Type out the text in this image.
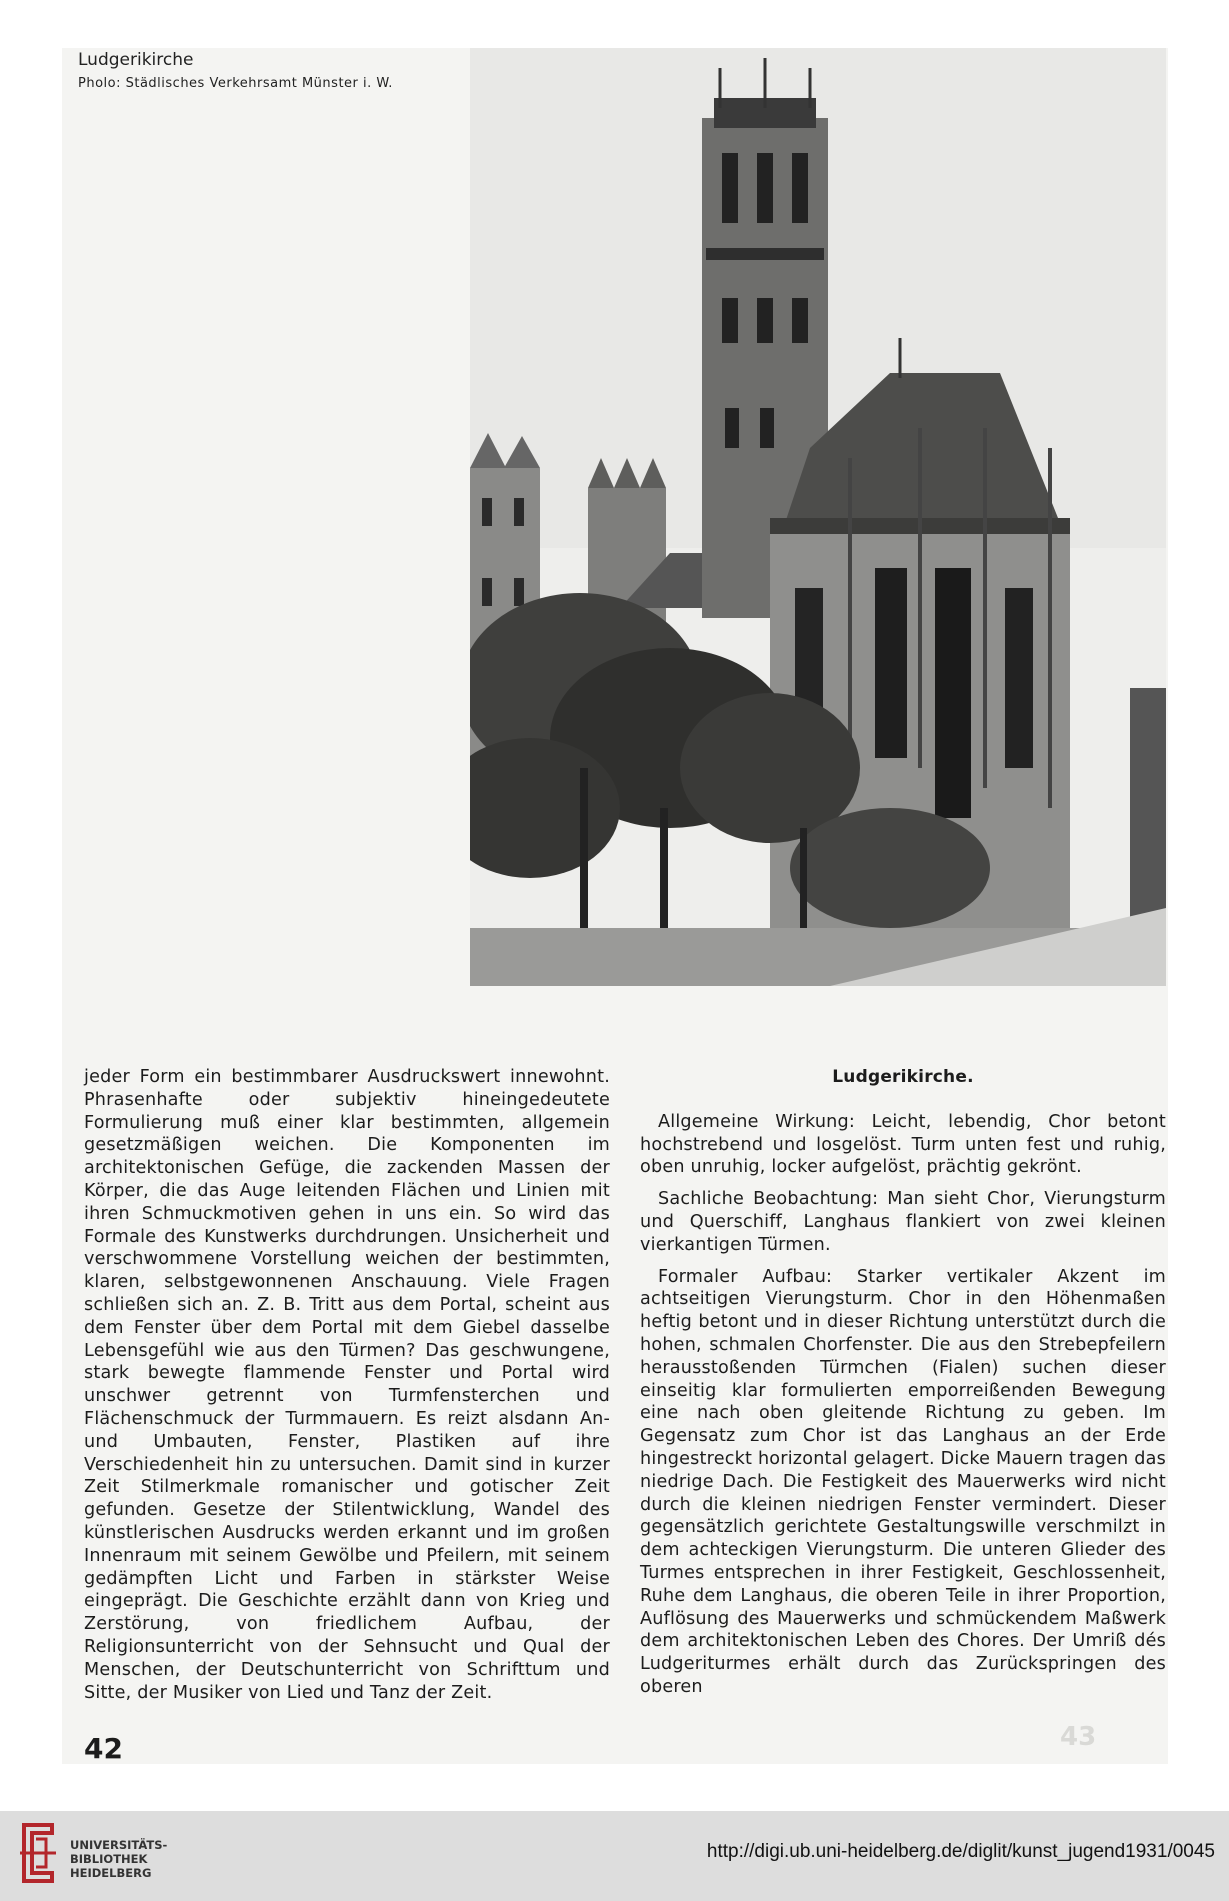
Ludgerikirche
Pholo: Städlisches Verkehrsamt Münster i. W.

jeder Form ein bestimmbarer Ausdruckswert innewohnt. Phrasenhafte oder subjektiv hineingedeutete Formulierung muß einer klar bestimmten, allgemein gesetzmäßigen weichen. Die Komponenten im architektonischen Gefüge, die zackenden Massen der Körper, die das Auge leitenden Flächen und Linien mit ihren Schmuckmotiven gehen in uns ein. So wird das Formale des Kunstwerks durchdrungen. Unsicherheit und verschwommene Vorstellung weichen der bestimmten, klaren, selbstgewonnenen Anschauung. Viele Fragen schließen sich an. Z. B. Tritt aus dem Portal, scheint aus dem Fenster über dem Portal mit dem Giebel dasselbe Lebensgefühl wie aus den Türmen? Das geschwungene, stark bewegte flammende Fenster und Portal wird unschwer getrennt von Turmfensterchen und Flächenschmuck der Turmmauern. Es reizt alsdann An- und Umbauten, Fenster, Plastiken auf ihre Verschiedenheit hin zu untersuchen. Damit sind in kurzer Zeit Stilmerkmale romanischer und gotischer Zeit gefunden. Gesetze der Stilentwicklung, Wandel des künstlerischen Ausdrucks werden erkannt und im großen Innenraum mit seinem Gewölbe und Pfeilern, mit seinem gedämpften Licht und Farben in stärkster Weise eingeprägt. Die Geschichte erzählt dann von Krieg und Zerstörung, von friedlichem Aufbau, der Religionsunterricht von der Sehnsucht und Qual der Menschen, der Deutschunterricht von Schrifttum und Sitte, der Musiker von Lied und Tanz der Zeit.

Ludgerikirche.

Allgemeine Wirkung: Leicht, lebendig, Chor betont hochstrebend und losgelöst. Turm unten fest und ruhig, oben unruhig, locker aufgelöst, prächtig gekrönt.

Sachliche Beobachtung: Man sieht Chor, Vierungsturm und Querschiff, Langhaus flankiert von zwei kleinen vierkantigen Türmen.

Formaler Aufbau: Starker vertikaler Akzent im achtseitigen Vierungsturm. Chor in den Höhenmaßen heftig betont und in dieser Richtung unterstützt durch die hohen, schmalen Chorfenster. Die aus den Strebepfeilern herausstoßenden Türmchen (Fialen) suchen dieser einseitig klar formulierten emporreißenden Bewegung eine nach oben gleitende Richtung zu geben. Im Gegensatz zum Chor ist das Langhaus an der Erde hingestreckt horizontal gelagert. Dicke Mauern tragen das niedrige Dach. Die Festigkeit des Mauerwerks wird nicht durch die kleinen niedrigen Fenster vermindert. Dieser gegensätzlich gerichtete Gestaltungswille verschmilzt in dem achteckigen Vierungsturm. Die unteren Glieder des Turmes entsprechen in ihrer Festigkeit, Geschlossenheit, Ruhe dem Langhaus, die oberen Teile in ihrer Proportion, Auflösung des Mauerwerks und schmückendem Maßwerk dem architektonischen Leben des Chores. Der Umriß dés Ludgeriturmes erhält durch das Zurückspringen des oberen

42	43
UNIVERSITÄTS-
BIBLIOTHEK
HEIDELBERG
http://digi.ub.uni-heidelberg.de/diglit/kunst_jugend1931/0045
